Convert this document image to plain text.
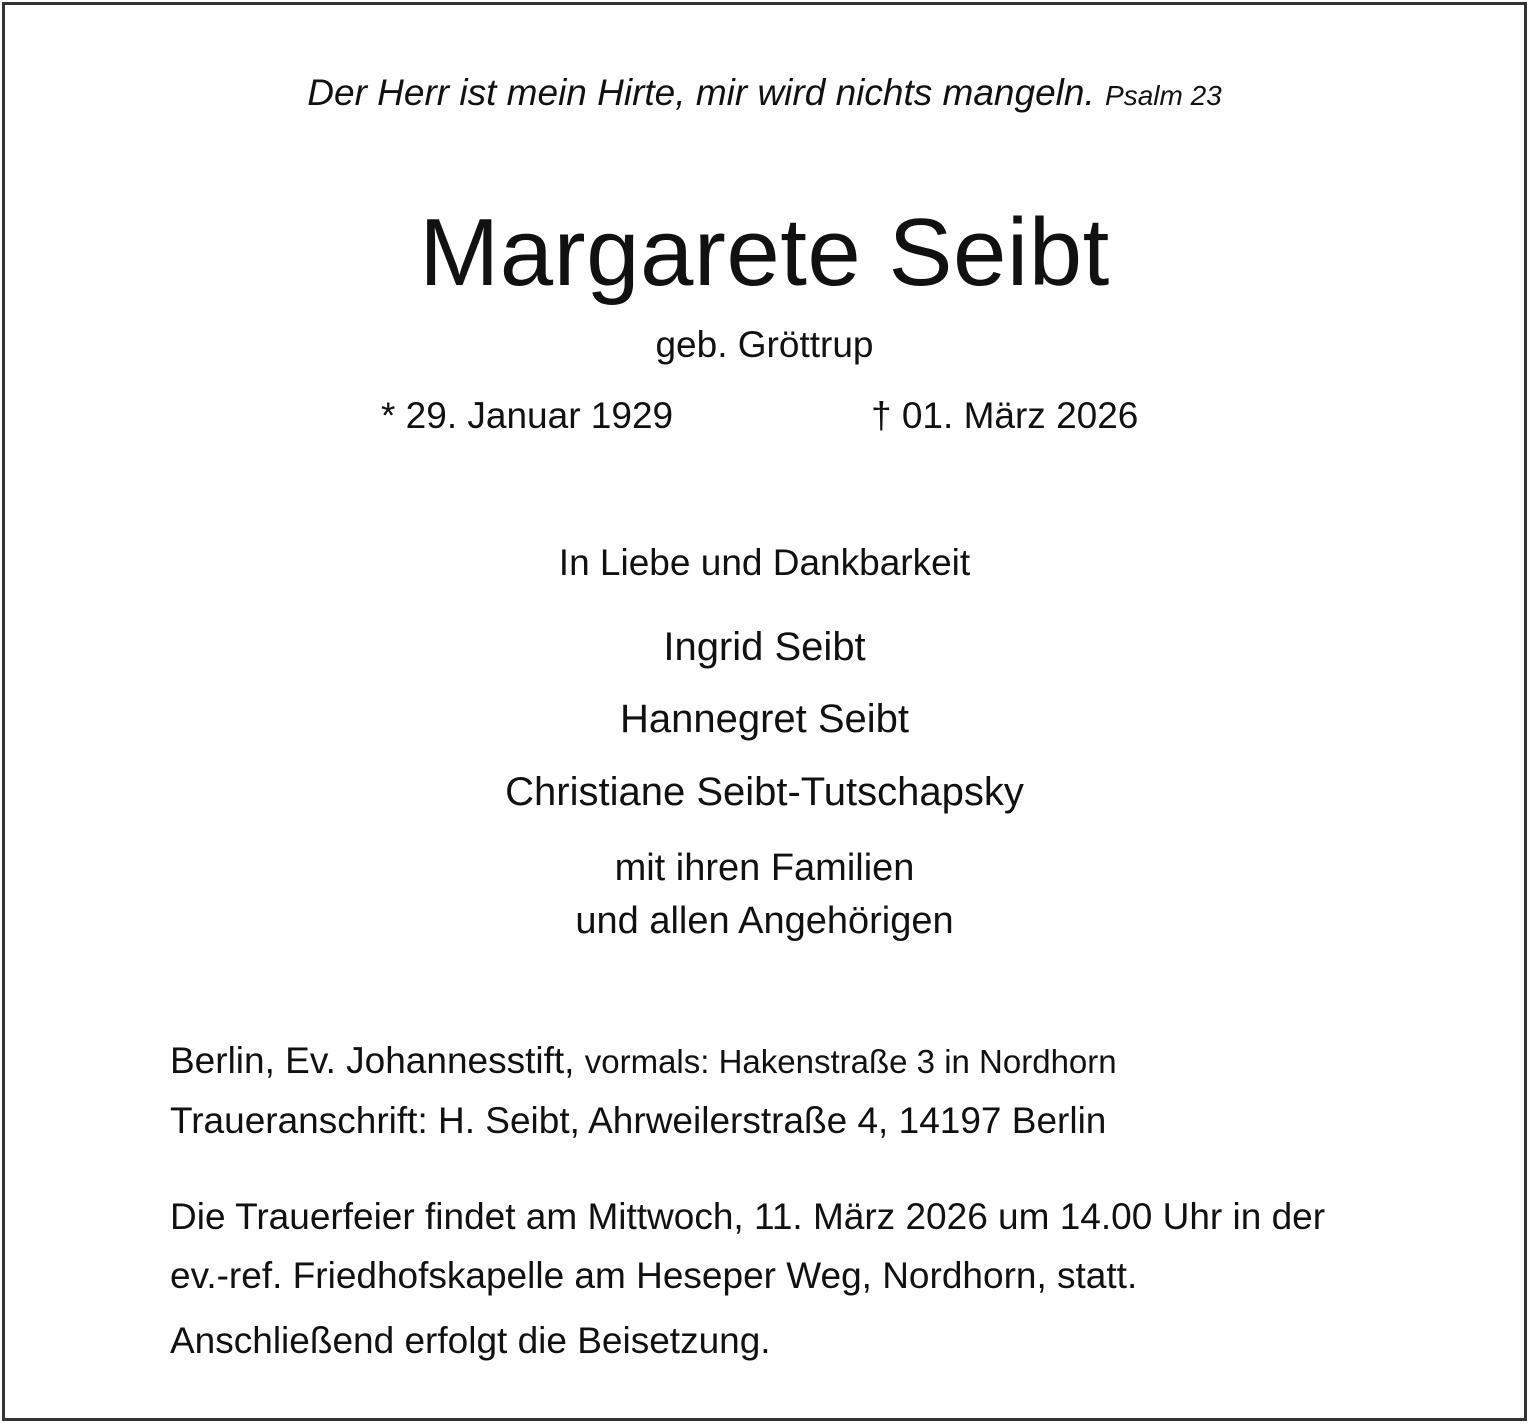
Der Herr ist mein Hirte, mir wird nichts mangeln. Psalm 23
Margarete Seibt
geb. Gröttrup
* 29. Januar 1929	† 01. März 2026
In Liebe und Dankbarkeit
Ingrid Seibt
Hannegret Seibt
Christiane Seibt-Tutschapsky
mit ihren Familien
und allen Angehörigen
Berlin, Ev. Johannesstift, vormals: Hakenstraße 3 in Nordhorn
Traueranschrift: H. Seibt, Ahrweilerstraße 4, 14197 Berlin
Die Trauerfeier findet am Mittwoch, 11. März 2026 um 14.00 Uhr in der
ev.-ref. Friedhofskapelle am Heseper Weg, Nordhorn, statt.
Anschließend erfolgt die Beisetzung.
